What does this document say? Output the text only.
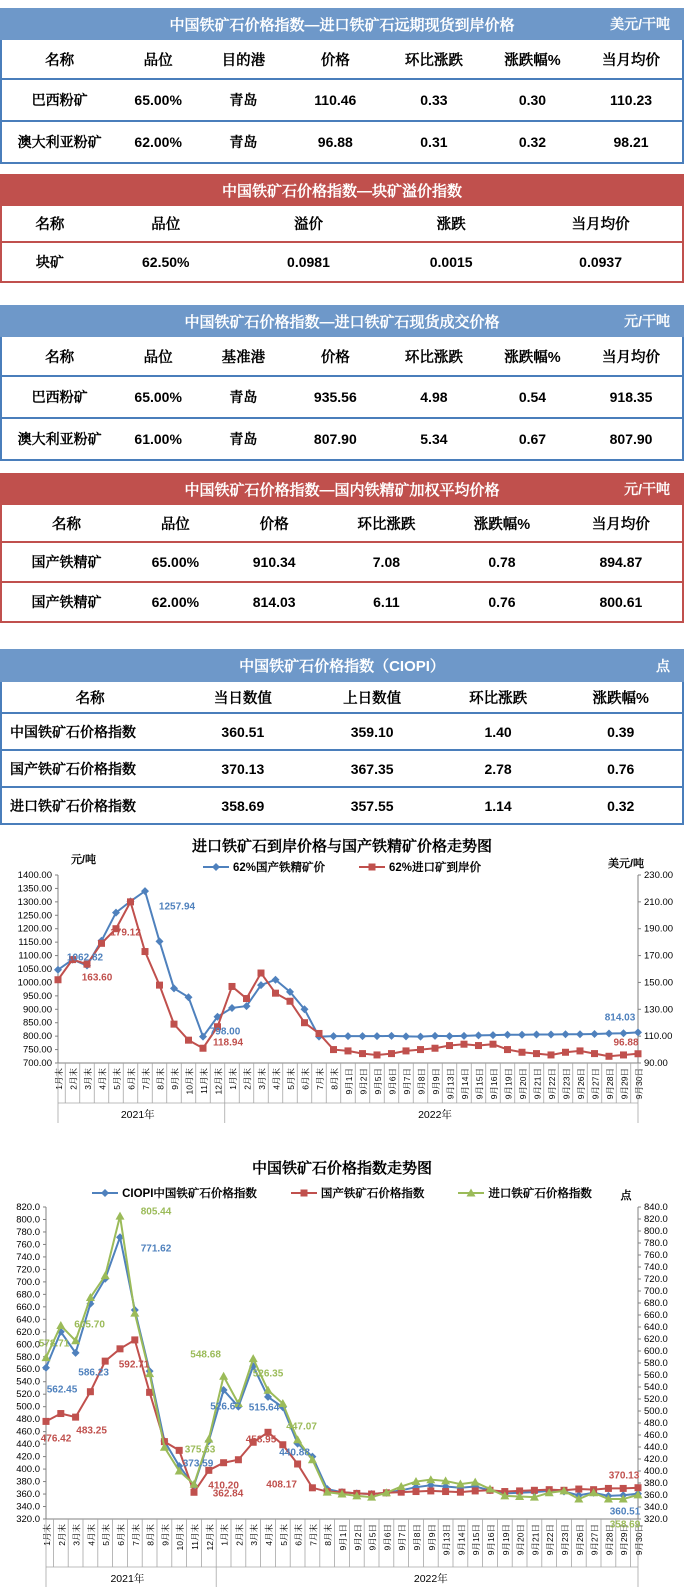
中国铁矿石价格指数—进口铁矿石远期现货到岸价格	美元/干吨
名称	品位	目的港	价格	环比涨跌	涨跌幅%	当月均价
巴西粉矿	65.00%	青岛	110.46	0.33	0.30	110.23
澳大利亚粉矿	62.00%	青岛	96.88	0.31	0.32	98.21
中国铁矿石价格指数—块矿溢价指数
名称	品位	溢价	涨跌	当月均价
块矿	62.50%	0.0981	0.0015	0.0937
中国铁矿石价格指数—进口铁矿石现货成交价格	元/干吨
名称	品位	基准港	价格	环比涨跌	涨跌幅%	当月均价
巴西粉矿	65.00%	青岛	935.56	4.98	0.54	918.35
澳大利亚粉矿	61.00%	青岛	807.90	5.34	0.67	807.90
中国铁矿石价格指数—国内铁精矿加权平均价格	元/干吨
名称	品位	价格	环比涨跌	涨跌幅%	当月均价
国产铁精矿	65.00%	910.34	7.08	0.78	894.87
国产铁精矿	62.00%	814.03	6.11	0.76	800.61
中国铁矿石价格指数（CIOPI）	点
名称	当日数值	上日数值	环比涨跌	涨跌幅%
中国铁矿石价格指数	360.51	359.10	1.40	0.39
国产铁矿石价格指数	370.13	367.35	2.78	0.76
进口铁矿石价格指数	358.69	357.55	1.14	0.32
进口铁矿石到岸价格与国产铁精矿价格走势图
1400.00
1350.00
1300.00
1250.00
1200.00
1150.00
1100.00
1050.00
1000.00
950.00
900.00
850.00
800.00
750.00
700.00
230.00
210.00
190.00
170.00
150.00
130.00
110.00
90.00
元/吨	美元/吨
1月末 2月末 3月末 4月末 5月末 6月末 7月末 8月末 9月末 10月末 11月末 12月末 1月末 2月末 3月末 4月末 5月末 6月末 7月末 8月末 9月1日 9月2日 9月5日 9月6日 9月7日 9月8日 9月9日 9月13日 9月14日 9月15日 9月16日 9月19日 9月20日 9月21日 9月22日 9月23日 9月26日 9月27日 9月28日 9月29日 9月30日
2021年	2022年
62%国产铁精矿价	62%进口矿到岸价
1062.82
163.60
179.12
1257.94
798.00
118.94
814.03
96.88
中国铁矿石价格指数走势图
820.0
800.0
780.0
760.0
740.0
720.0
700.0
680.0
660.0
640.0
620.0
600.0
580.0
560.0
540.0
520.0
500.0
480.0
460.0
440.0
420.0
400.0
380.0
360.0
340.0
320.0
840.0
820.0
800.0
780.0
760.0
740.0
720.0
700.0
680.0
660.0
640.0
620.0
600.0
580.0
560.0
540.0
520.0
500.0
480.0
460.0
440.0
420.0
400.0
380.0
360.0
340.0
320.0
点
1月末 2月末 3月末 4月末 5月末 6月末 7月末 8月末 9月末 10月末 11月末 12月末 1月末 2月末 3月末 4月末 5月末 6月末 7月末 8月末 9月1日 9月2日 9月5日 9月6日 9月7日 9月8日 9月9日 9月13日 9月14日 9月15日 9月16日 9月19日 9月20日 9月21日 9月22日 9月23日 9月26日 9月27日 9月28日 9月29日 9月30日
2021年	2022年
CIOPI中国铁矿石价格指数	国产铁矿石价格指数	进口铁矿石价格指数
578.71
562.45
476.42
605.70
586.23
483.25
592.71
805.44
771.62
375.63
373.59
362.84
548.68
526.67
410.20
526.35
515.64
458.95
447.07
440.88
408.17
370.13
360.51
358.69
